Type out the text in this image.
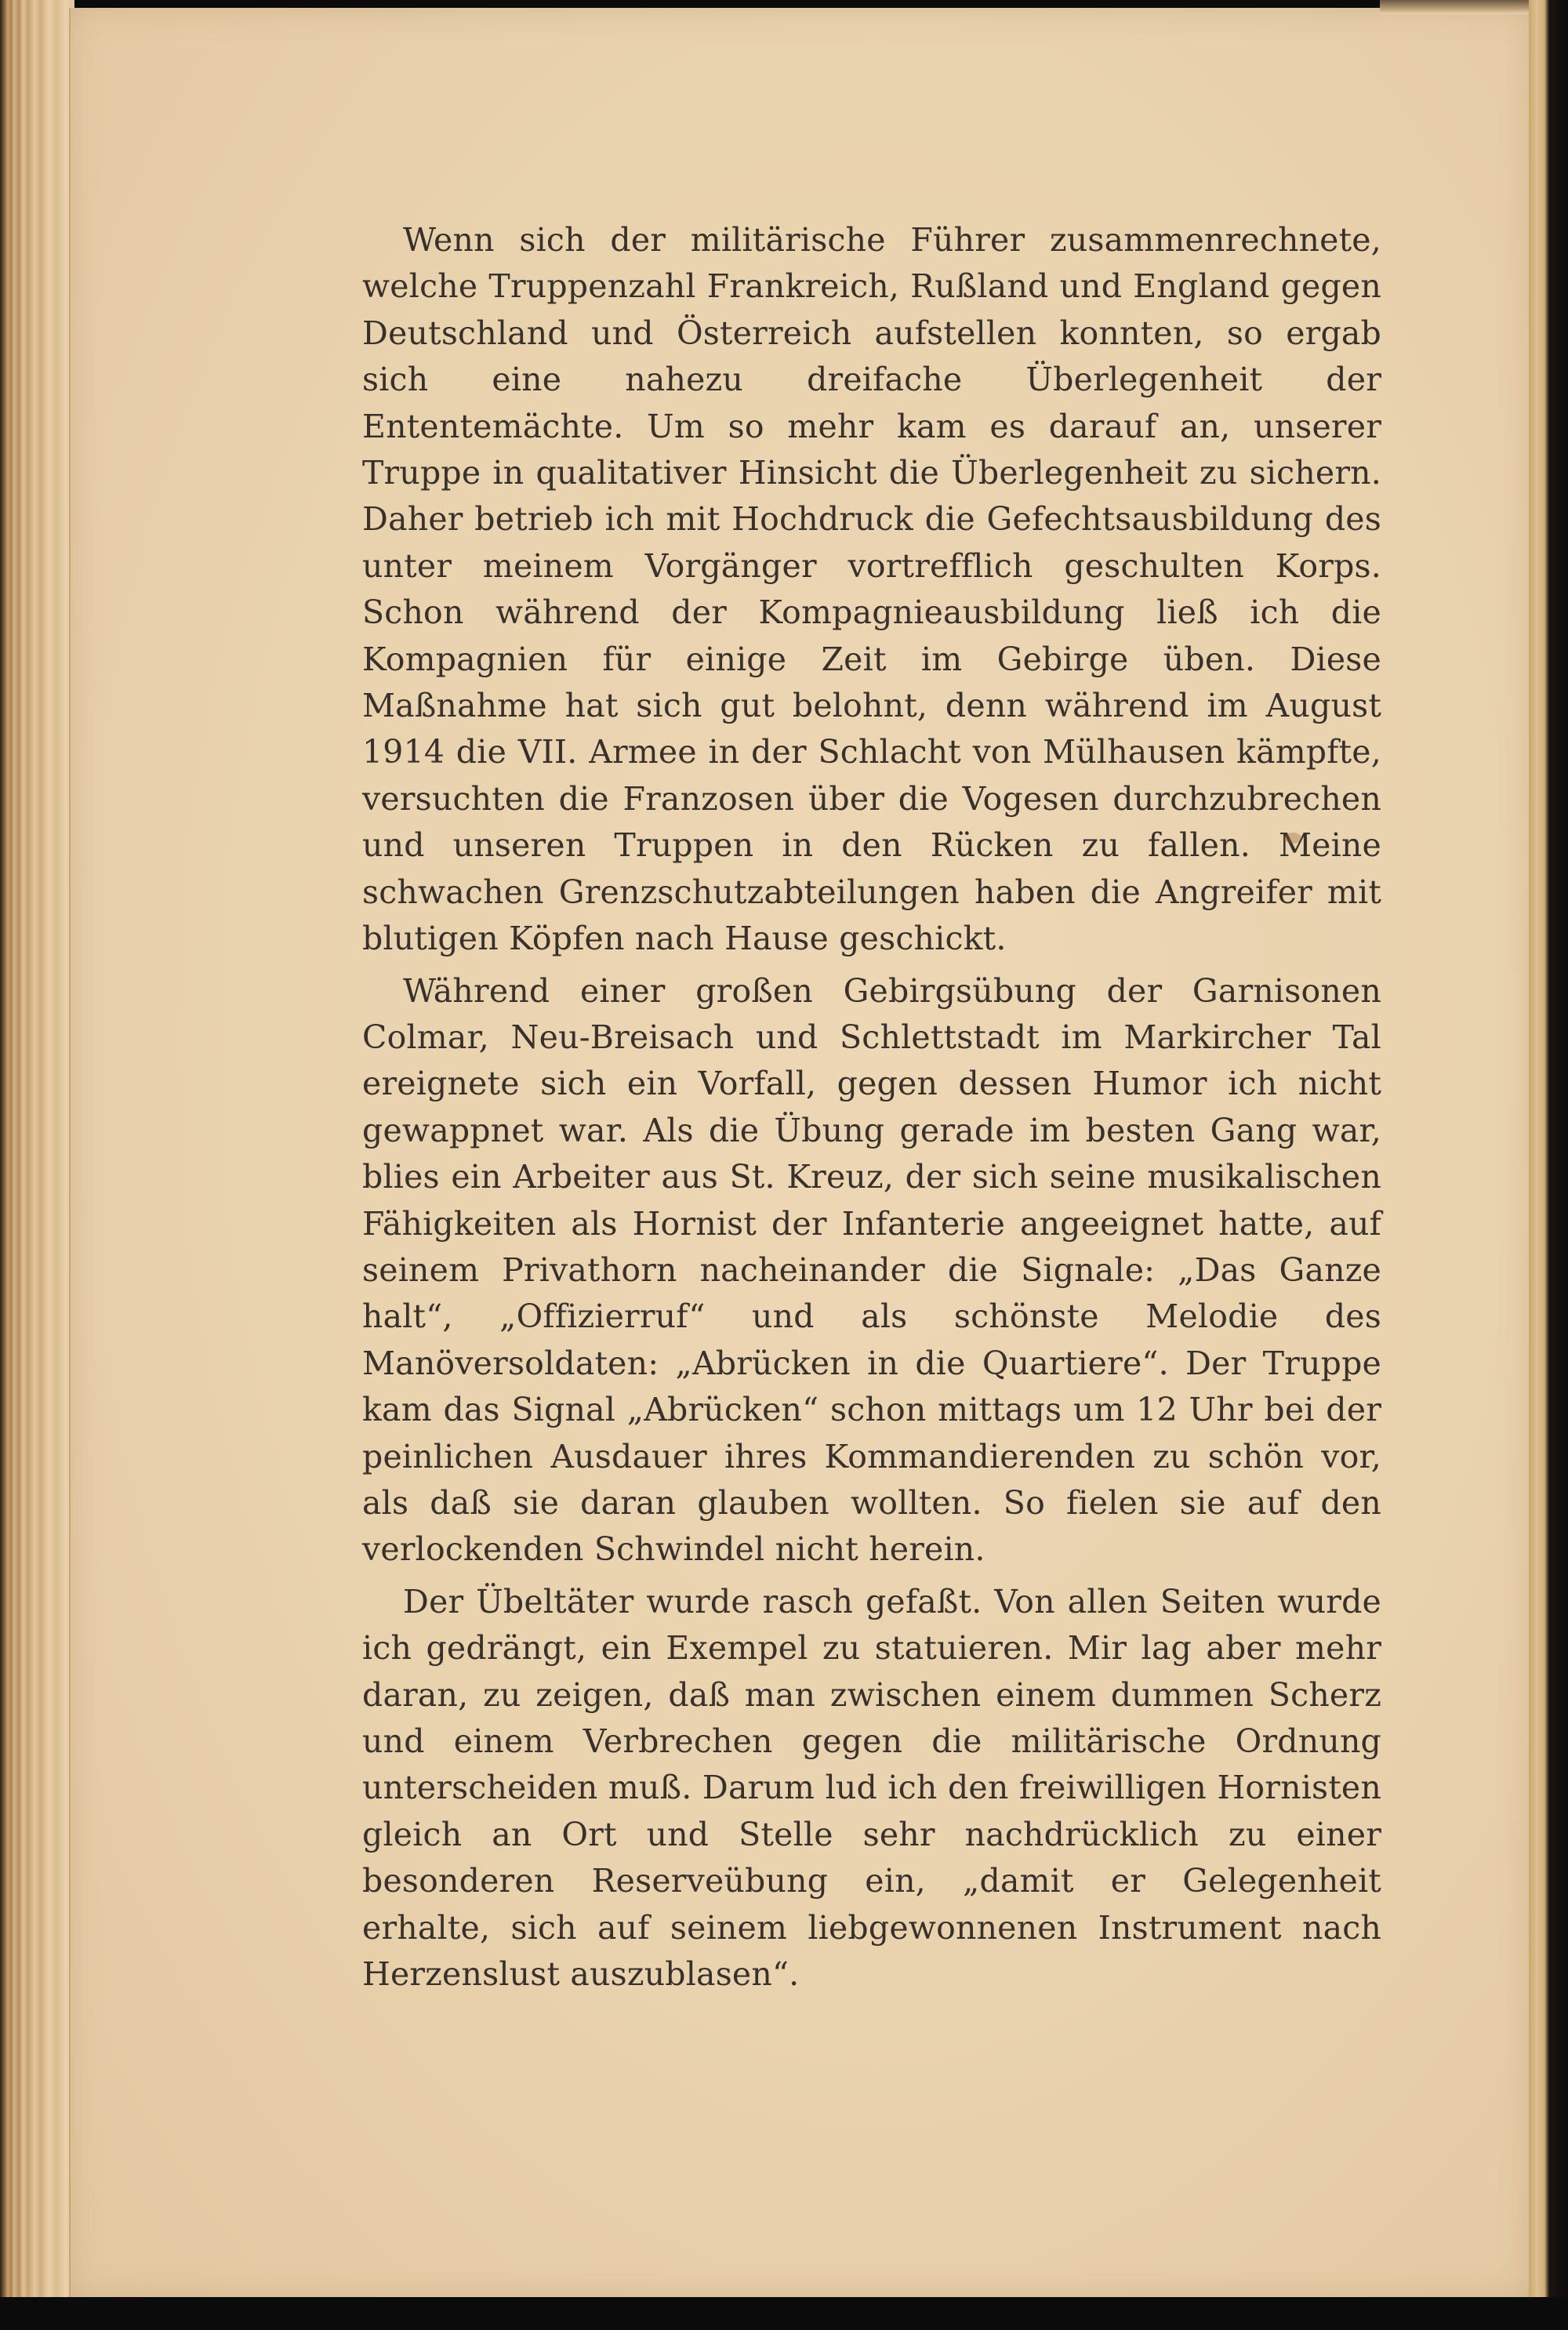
Wenn sich der militärische Führer zusammenrechnete, welche Truppenzahl Frankreich, Rußland und England gegen Deutschland und Österreich aufstellen konnten, so ergab sich eine nahezu dreifache Überlegenheit der Ententemächte. Um so mehr kam es darauf an, unserer Truppe in qualitativer Hinsicht die Überlegenheit zu sichern. Daher betrieb ich mit Hochdruck die Gefechtsausbildung des unter meinem Vorgänger vortrefflich geschulten Korps. Schon während der Kompagnieausbildung ließ ich die Kompagnien für einige Zeit im Gebirge üben. Diese Maßnahme hat sich gut belohnt, denn während im August 1914 die VII. Armee in der Schlacht von Mülhausen kämpfte, versuchten die Franzosen über die Vogesen durchzubrechen und unseren Truppen in den Rücken zu fallen. Meine schwachen Grenzschutzabteilungen haben die Angreifer mit blutigen Köpfen nach Hause geschickt.

Während einer großen Gebirgsübung der Garnisonen Colmar, Neu-Breisach und Schlettstadt im Markircher Tal ereignete sich ein Vorfall, gegen dessen Humor ich nicht gewappnet war. Als die Übung gerade im besten Gang war, blies ein Arbeiter aus St. Kreuz, der sich seine musikalischen Fähigkeiten als Hornist der Infanterie angeeignet hatte, auf seinem Privathorn nacheinander die Signale: „Das Ganze halt“, „Offizierruf“ und als schönste Melodie des Manöversoldaten: „Abrücken in die Quartiere“. Der Truppe kam das Signal „Abrücken“ schon mittags um 12 Uhr bei der peinlichen Ausdauer ihres Kommandierenden zu schön vor, als daß sie daran glauben wollten. So fielen sie auf den verlockenden Schwindel nicht herein.

Der Übeltäter wurde rasch gefaßt. Von allen Seiten wurde ich gedrängt, ein Exempel zu statuieren. Mir lag aber mehr daran, zu zeigen, daß man zwischen einem dummen Scherz und einem Verbrechen gegen die militärische Ordnung unterscheiden muß. Darum lud ich den freiwilligen Hornisten gleich an Ort und Stelle sehr nachdrücklich zu einer besonderen Reserveübung ein, „damit er Gelegenheit erhalte, sich auf seinem liebgewonnenen Instrument nach Herzenslust auszublasen“.
